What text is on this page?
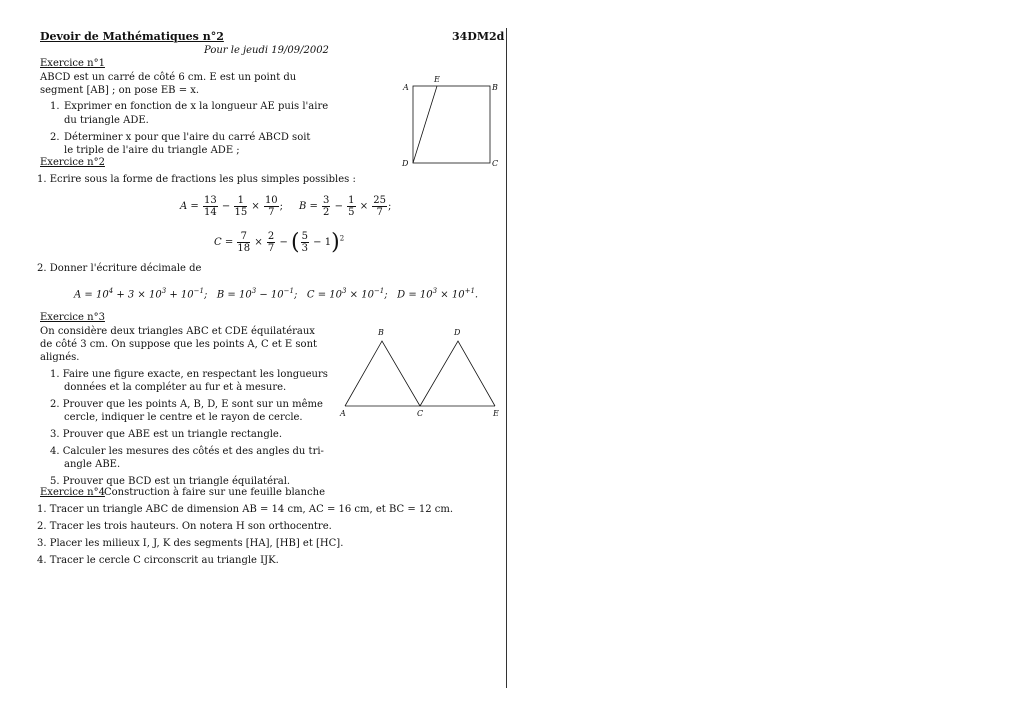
Devoir de Mathématiques n°2	34DM2d
Pour le jeudi 19/09/2002
Exercice n°1
ABCD est un carré de côté 6 cm. E est un point du
segment [AB] ; on pose EB = x.
1. Exprimer en fonction de x la longueur AE puis l'aire
du triangle ADE.
2. Déterminer x pour que l'aire du carré ABCD soit
le triple de l'aire du triangle ADE ;
A
E
B
D	C
Exercice n°2
1. Ecrire sous la forme de fractions les plus simples possibles :
$A = \frac{13}{14} - \frac{1}{15} \times \frac{10}{7}$ ;     $B = \frac{3}{2} - \frac{1}{5} \times \frac{25}{7}$ ;
$C = \frac{7}{18} \times \frac{2}{7}$ − ( $\frac{5}{3} - 1)^2$
2. Donner l'écriture décimale de
$A = 10^4 + 3 \times 10^3 + 10^{-1}$;   $B = 10^3 - 10^{-1}$;   $C = 10^3 \times 10^{-1}$;   $D = 10^3 \times 10^{+1}$.
Exercice n°3
On considère deux triangles ABC et CDE équilatéraux
de côté 3 cm. On suppose que les points A, C et E sont
alignés.
1. Faire une figure exacte, en respectant les longueurs
données et la compléter au fur et à mesure.
2. Prouver que les points A, B, D, E sont sur un même
cercle, indiquer le centre et le rayon de cercle.
3. Prouver que ABE est un triangle rectangle.
4. Calculer les mesures des côtés et des angles du tri-
angle ABE.
5. Prouver que BCD est un triangle équilatéral.
B	D
A	C	E
Exercice n°4 Construction à faire sur une feuille blanche
1. Tracer un triangle ABC de dimension AB = 14 cm, AC = 16 cm, et BC = 12 cm.
2. Tracer les trois hauteurs. On notera H son orthocentre.
3. Placer les milieux I, J, K des segments [HA], [HB] et [HC].
4. Tracer le cercle C circonscrit au triangle IJK.
